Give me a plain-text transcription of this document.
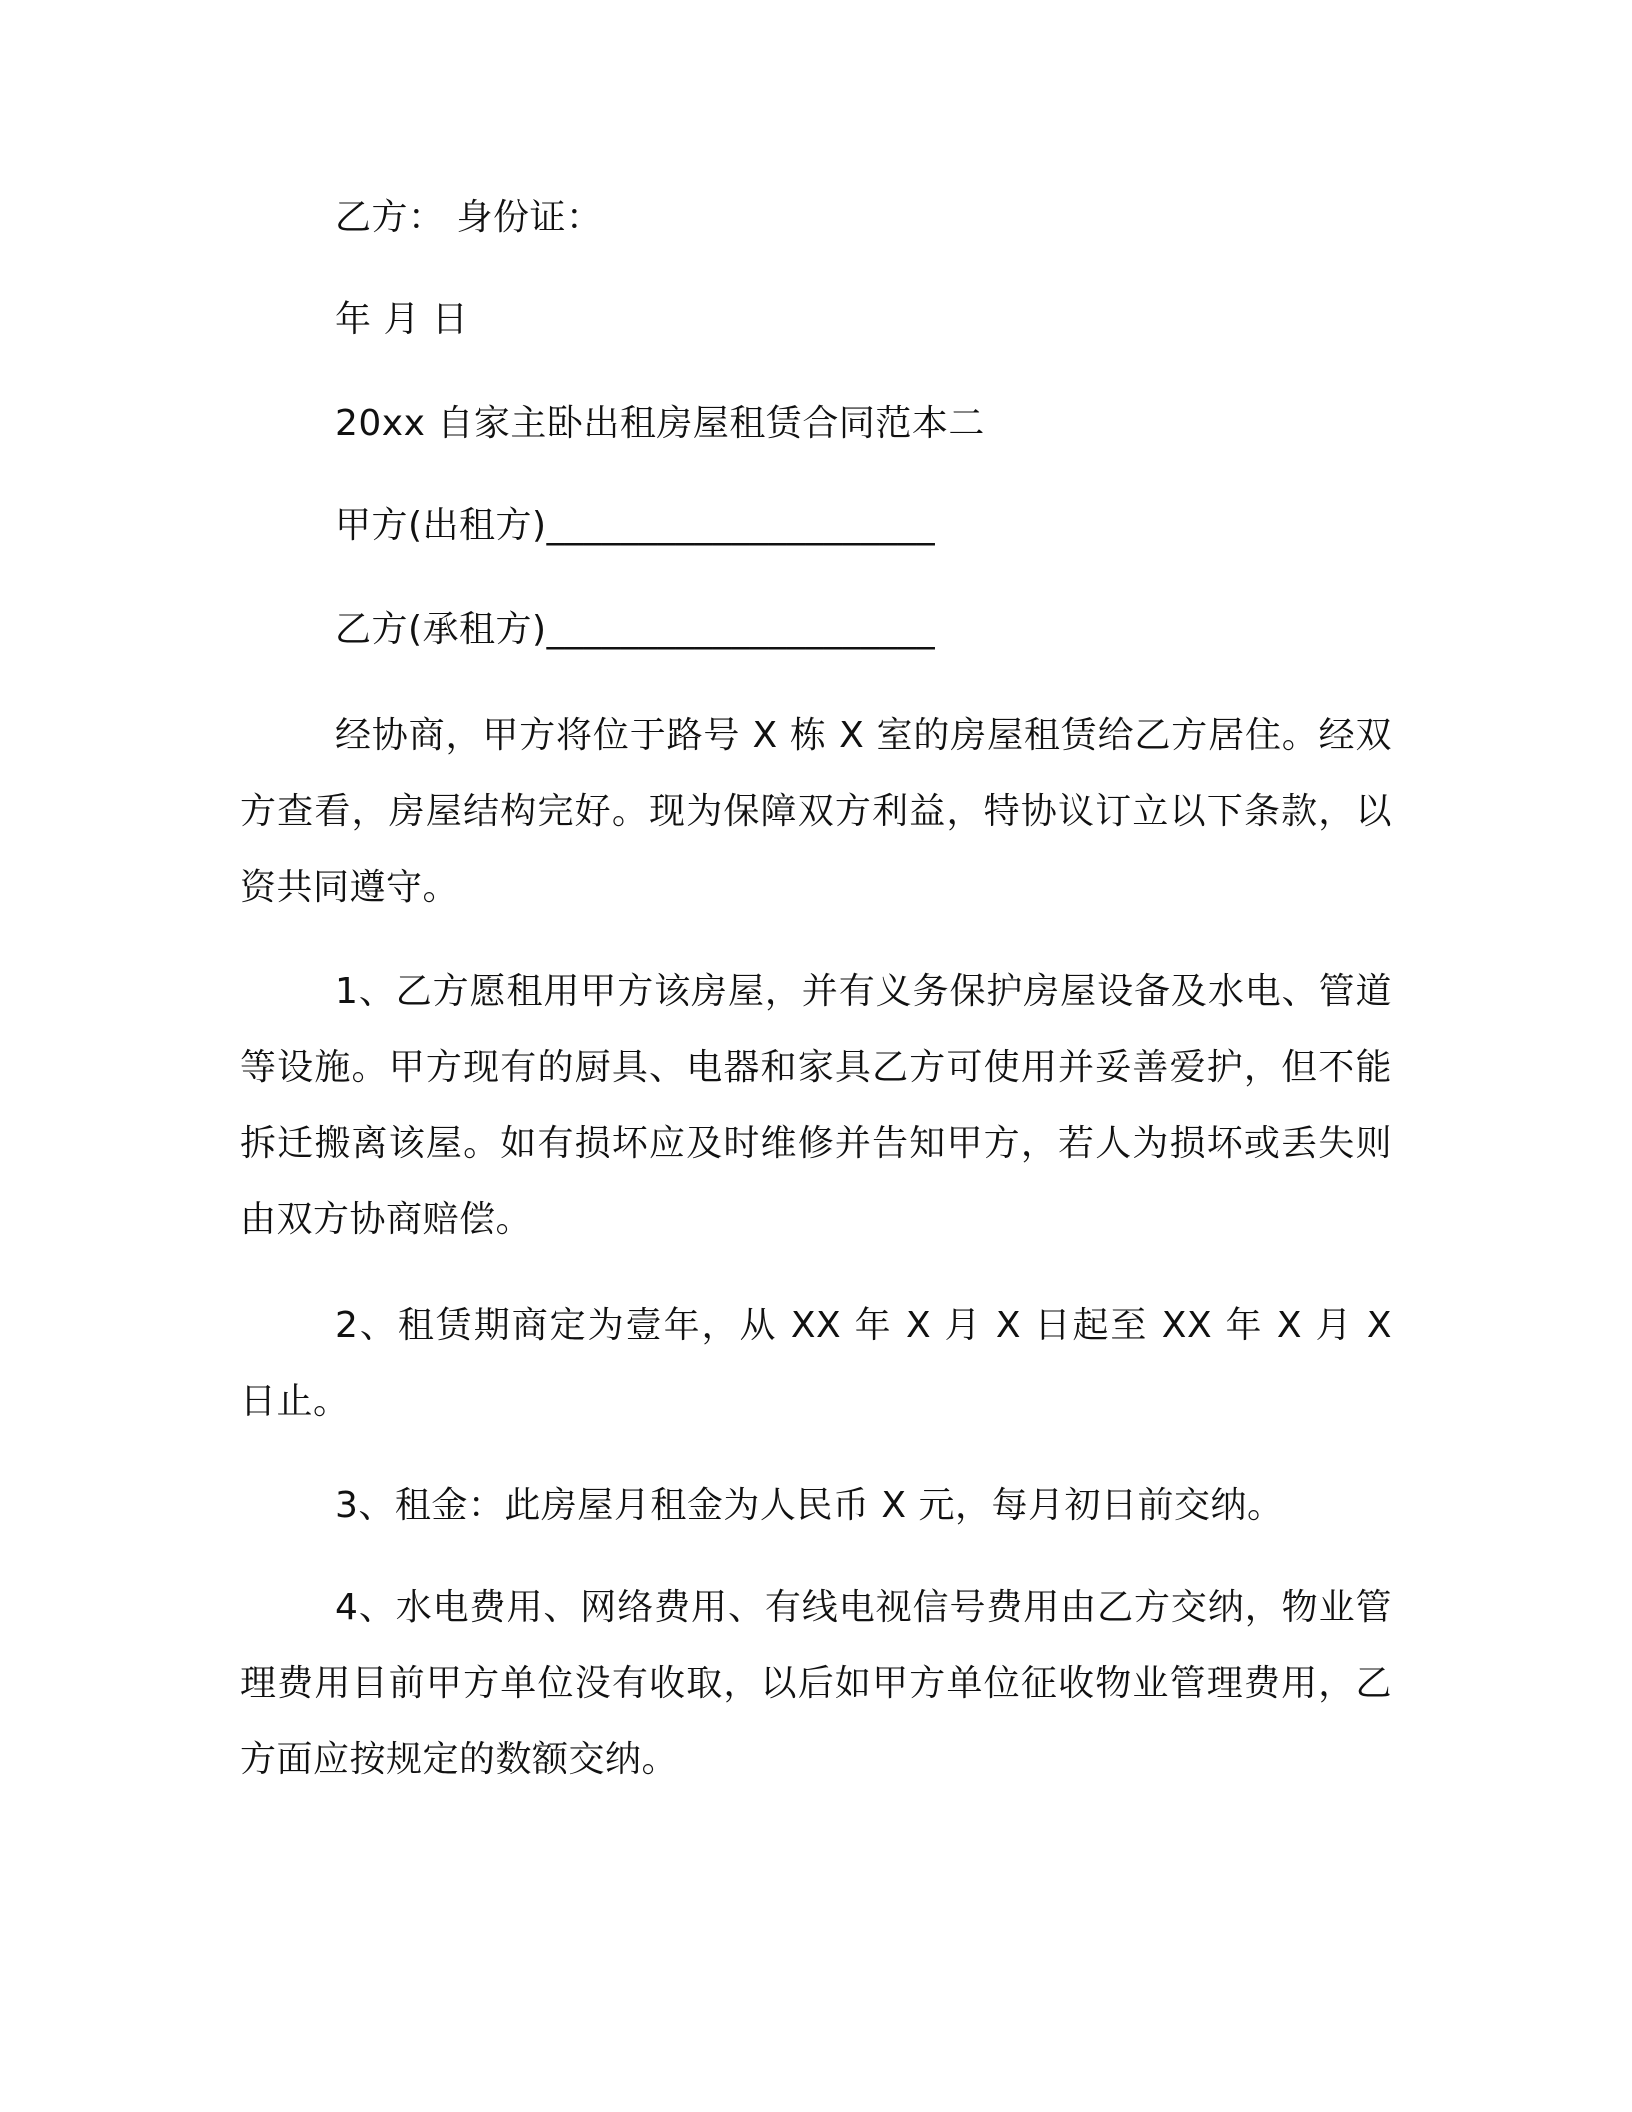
乙方： 身份证：
年 月 日
20xx 自家主卧出租房屋租赁合同范本二
甲方(出租方)_____________________
乙方(承租方)_____________________
经协商，甲方将位于路号 X 栋 X 室的房屋租赁给乙方居住。经双方查看，房屋结构完好。现为保障双方利益，特协议订立以下条款，以资共同遵守。
1、乙方愿租用甲方该房屋，并有义务保护房屋设备及水电、管道等设施。甲方现有的厨具、电器和家具乙方可使用并妥善爱护，但不能拆迁搬离该屋。如有损坏应及时维修并告知甲方，若人为损坏或丢失则由双方协商赔偿。
2、租赁期商定为壹年，从 XX 年 X 月 X 日起至 XX 年 X 月 X 日止。
3、租金：此房屋月租金为人民币 X 元，每月初日前交纳。
4、水电费用、网络费用、有线电视信号费用由乙方交纳，物业管理费用目前甲方单位没有收取，以后如甲方单位征收物业管理费用，乙方面应按规定的数额交纳。
